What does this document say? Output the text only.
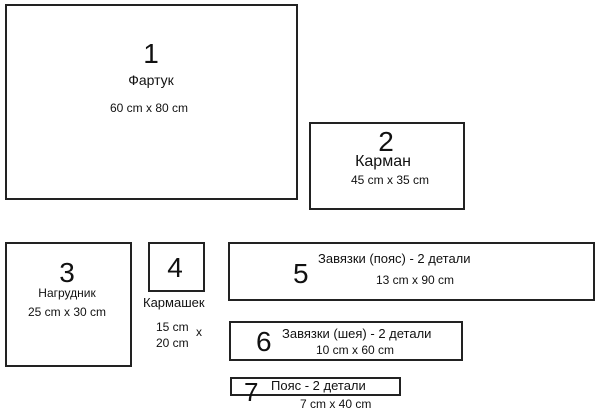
1
Фартук
60 cm x 80 cm
2
Карман
45 cm x 35 cm
3
Нагрудник
25 cm x 30 cm
4
Кармашек
15 cm x
20 cm
5 Завязки (пояс) - 2 детали
13 cm x 90 cm
6 Завязки (шея) - 2 детали
10 cm x 60 cm
7 Пояс - 2 детали
7 cm x 40 cm
